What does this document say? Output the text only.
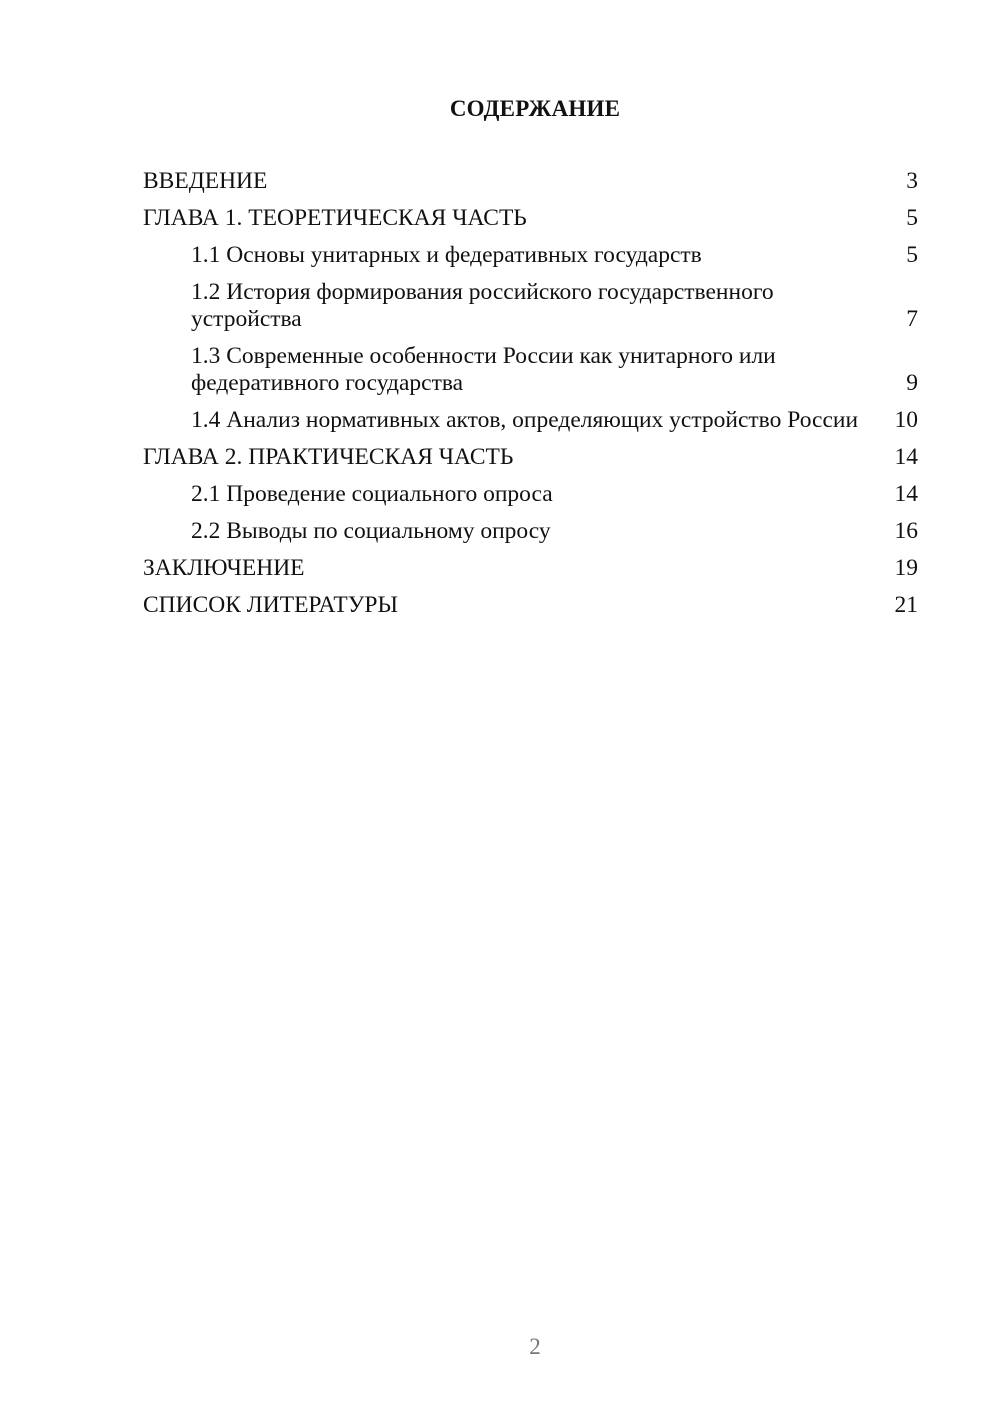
СОДЕРЖАНИЕ
ВВЕДЕНИЕ	3
ГЛАВА 1. ТЕОРЕТИЧЕСКАЯ ЧАСТЬ	5
1.1 Основы унитарных и федеративных государств	5
1.2 История формирования российского государственного устройства	7
1.3 Современные особенности России как унитарного или федеративного государства	9
1.4 Анализ нормативных актов, определяющих устройство России	10
ГЛАВА 2. ПРАКТИЧЕСКАЯ ЧАСТЬ	14
2.1 Проведение социального опроса	14
2.2 Выводы по социальному опросу	16
ЗАКЛЮЧЕНИЕ	19
СПИСОК ЛИТЕРАТУРЫ	21
2
